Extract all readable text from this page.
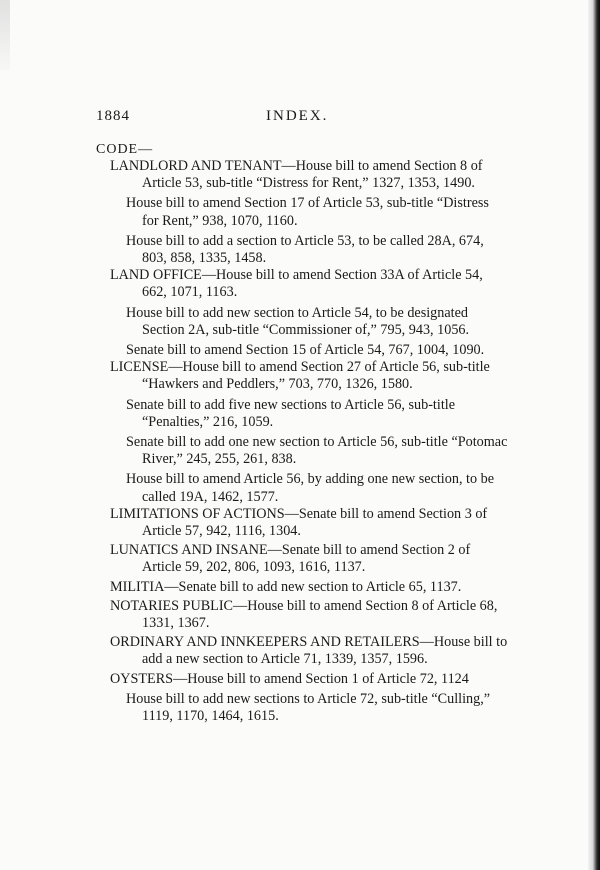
1884	INDEX.
CODE—
LANDLORD AND TENANT—House bill to amend Section 8 of Article 53, sub-title “Distress for Rent,” 1327, 1353, 1490.
House bill to amend Section 17 of Article 53, sub-title “Distress for Rent,” 938, 1070, 1160.
House bill to add a section to Article 53, to be called 28A, 674, 803, 858, 1335, 1458.
LAND OFFICE—House bill to amend Section 33A of Article 54, 662, 1071, 1163.
House bill to add new section to Article 54, to be designated Section 2A, sub-title “Commissioner of,” 795, 943, 1056.
Senate bill to amend Section 15 of Article 54, 767, 1004, 1090.
LICENSE—House bill to amend Section 27 of Article 56, sub-title “Hawkers and Peddlers,” 703, 770, 1326, 1580.
Senate bill to add five new sections to Article 56, sub-title “Penalties,” 216, 1059.
Senate bill to add one new section to Article 56, sub-title “Potomac River,” 245, 255, 261, 838.
House bill to amend Article 56, by adding one new section, to be called 19A, 1462, 1577.
LIMITATIONS OF ACTIONS—Senate bill to amend Section 3 of Article 57, 942, 1116, 1304.
LUNATICS AND INSANE—Senate bill to amend Section 2 of Article 59, 202, 806, 1093, 1616, 1137.
MILITIA—Senate bill to add new section to Article 65, 1137.
NOTARIES PUBLIC—House bill to amend Section 8 of Article 68, 1331, 1367.
ORDINARY AND INNKEEPERS AND RETAILERS—House bill to add a new section to Article 71, 1339, 1357, 1596.
OYSTERS—House bill to amend Section 1 of Article 72, 1124
House bill to add new sections to Article 72, sub-title “Culling,” 1119, 1170, 1464, 1615.
